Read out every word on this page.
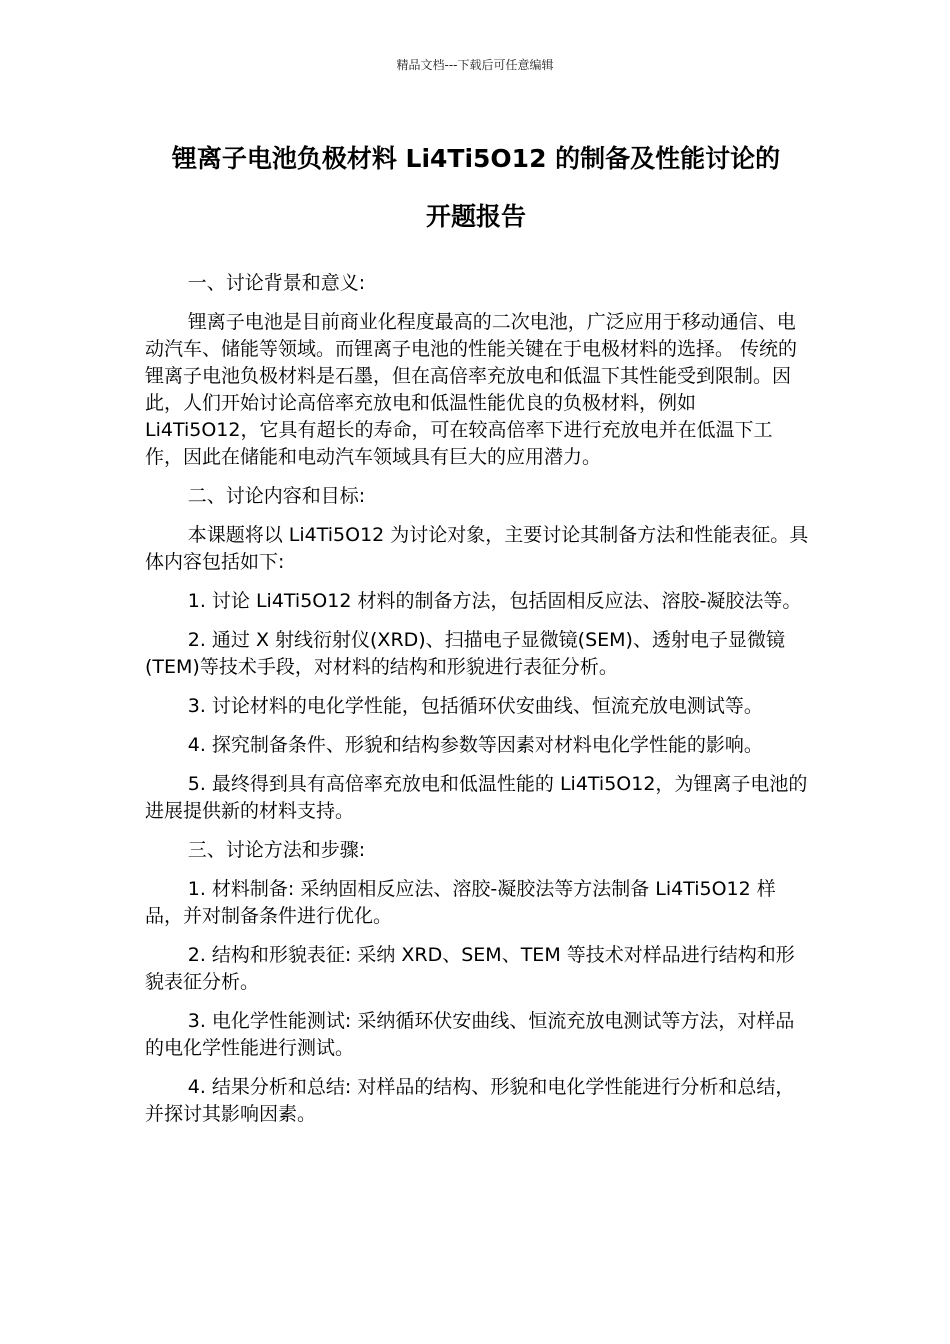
精品文档---下载后可任意编辑
锂离子电池负极材料 Li4Ti5O12 的制备及性能讨论的
开题报告

一、讨论背景和意义:

锂离子电池是目前商业化程度最高的二次电池，广泛应用于移动通信、电动汽车、储能等领域。而锂离子电池的性能关键在于电极材料的选择。 传统的锂离子电池负极材料是石墨，但在高倍率充放电和低温下其性能受到限制。因此，人们开始讨论高倍率充放电和低温性能优良的负极材料，例如 Li4Ti5O12，它具有超长的寿命，可在较高倍率下进行充放电并在低温下工作，因此在储能和电动汽车领域具有巨大的应用潜力。

二、讨论内容和目标:

本课题将以 Li4Ti5O12 为讨论对象，主要讨论其制备方法和性能表征。具体内容包括如下:

1. 讨论 Li4Ti5O12 材料的制备方法，包括固相反应法、溶胶-凝胶法等。

2. 通过 X 射线衍射仪(XRD)、扫描电子显微镜(SEM)、透射电子显微镜(TEM)等技术手段，对材料的结构和形貌进行表征分析。

3. 讨论材料的电化学性能，包括循环伏安曲线、恒流充放电测试等。

4. 探究制备条件、形貌和结构参数等因素对材料电化学性能的影响。

5. 最终得到具有高倍率充放电和低温性能的 Li4Ti5O12，为锂离子电池的进展提供新的材料支持。

三、讨论方法和步骤:

1. 材料制备: 采纳固相反应法、溶胶-凝胶法等方法制备 Li4Ti5O12 样品，并对制备条件进行优化。

2. 结构和形貌表征: 采纳 XRD、SEM、TEM 等技术对样品进行结构和形貌表征分析。

3. 电化学性能测试: 采纳循环伏安曲线、恒流充放电测试等方法，对样品的电化学性能进行测试。

4. 结果分析和总结: 对样品的结构、形貌和电化学性能进行分析和总结，并探讨其影响因素。
